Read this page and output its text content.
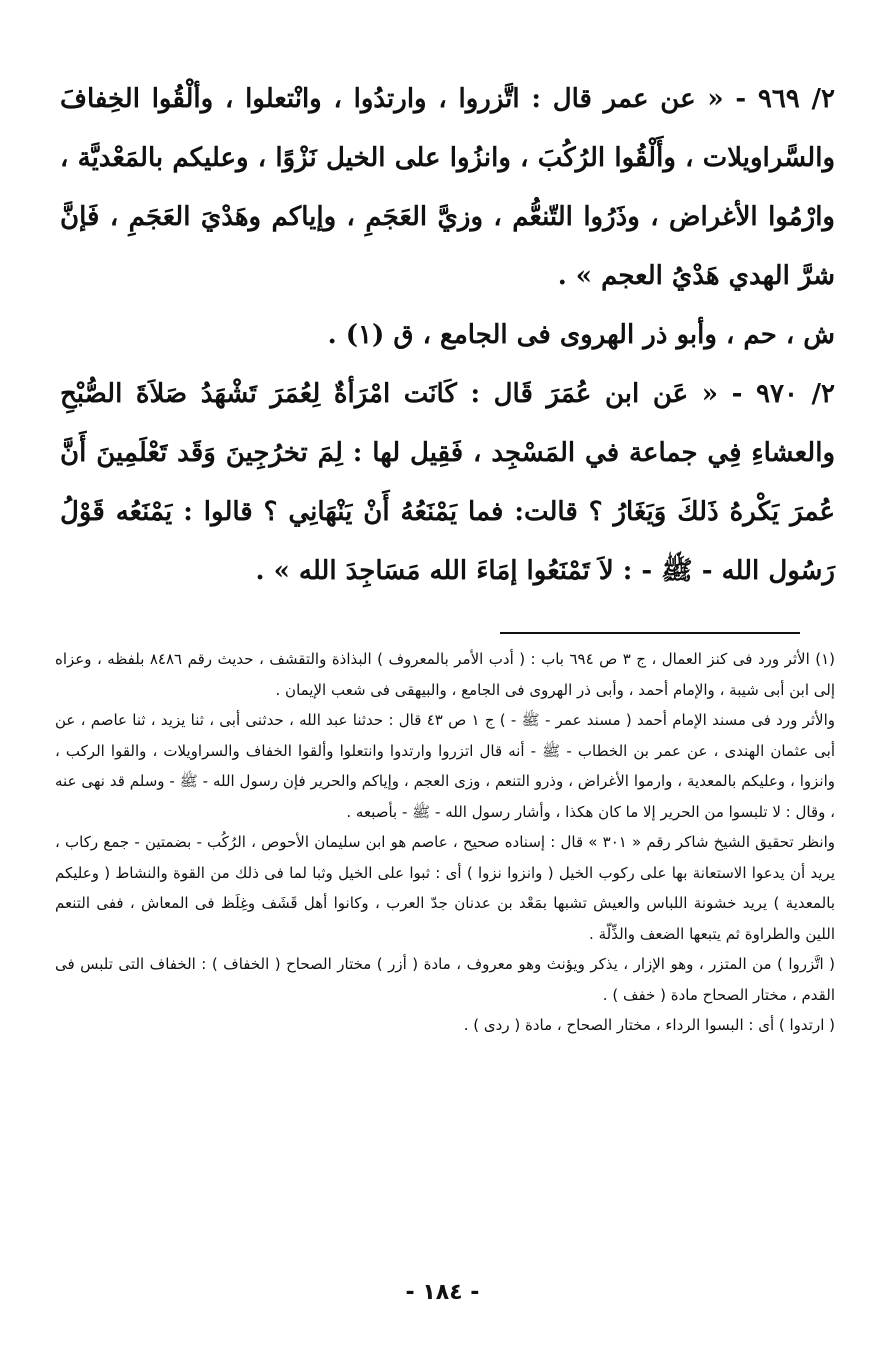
٢/ ٩٦٩ - « عن عمر قال : اتَّزروا ، وارتدُوا ، وانْتعلوا ، وألْقُوا الخِفافَ والسَّراويلات ، وأَلْقُوا الرُكُبَ ، وانزُوا على الخيل نَزْوًا ، وعليكم بالمَعْديَّة ، وارْمُوا الأغراض ، وذَرُوا التّنعُّم ، وزيَّ العَجَمِ ، وإياكم وهَدْيَ العَجَمِ ، فَإنَّ شرَّ الهدي هَدْيُ العجم » .

ش ، حم ، وأبو ذر الهروى فى الجامع ، ق (١) .

٢/ ٩٧٠ - « عَن ابن عُمَرَ قَال : كَانَت امْرَأةٌ لِعُمَرَ تَشْهَدُ صَلاَةَ الصُّبْحِ والعشاءِ فِي جماعة في المَسْجِد ، فَقِيل لها : لِمَ تخرُجِينَ وَقَد تَعْلَمِينَ أَنَّ عُمرَ يَكْرهُ ذَلكَ وَيَغَارُ ؟ قالت: فما يَمْنَعُهُ أَنْ يَنْهَانِي ؟ قالوا : يَمْنَعُه قَوْلُ رَسُول الله - ﷺ - : لاَ تَمْنَعُوا إمَاءَ الله مَسَاجِدَ الله » .

(١) الأثر ورد فى كنز العمال ، ج ٣ ص ٦٩٤ باب : ( أدب الأمر بالمعروف ) البذاذة والتقشف ، حديث رقم ٨٤٨٦ بلفظه ، وعزاه إلى ابن أبى شيبة ، والإمام أحمد ، وأبى ذر الهروى فى الجامع ، والبيهقى فى شعب الإيمان .

والأثر ورد فى مسند الإمام أحمد ( مسند عمر - ﷺ - ) ج ١ ص ٤٣ قال : حدثنا عبد الله ، حدثنى أبى ، ثنا يزيد ، ثنا عاصم ، عن أبى عثمان الهندى ، عن عمر بن الخطاب - ﷺ - أنه قال اتزروا وارتدوا وانتعلوا وألقوا الخفاف والسراويلات ، والقوا الركب ، وانزوا ، وعليكم بالمعدية ، وارموا الأغراض ، وذرو التنعم ، وزى العجم ، وإياكم والحرير فإن رسول الله - ﷺ - وسلم قد نهى عنه ، وقال : لا تلبسوا من الحرير إلا ما كان هكذا ، وأشار رسول الله - ﷺ - بأصبعه .

وانظر تحقيق الشيخ شاكر رقم « ٣٠١ » قال : إسناده صحيح ، عاصم هو ابن سليمان الأحوص ، الرُكُب - بضمتين - جمع ركاب ، يريد أن يدعوا الاستعانة بها على ركوب الخيل ( وانزوا نزوا ) أى : ثبوا على الخيل وثبا لما فى ذلك من القوة والنشاط ( وعليكم بالمعدية ) يريد خشونة اللباس والعيش تشبها بمَعْد بن عدنان جدّ العرب ، وكانوا أهل قَشَف وغِلَظ فى المعاش ، ففى التنعم اللين والطراوة ثم يتبعها الضعف والذِّلّة .

( اتَّزروا ) من المتزر ، وهو الإزار ، يذكر ويؤنث وهو معروف ، مادة ( أزر ) مختار الصحاح ( الخفاف ) : الخفاف التى تلبس فى القدم ، مختار الصحاح مادة ( خفف ) .

( ارتدوا ) أى : البسوا الرداء ، مختار الصحاح ، مادة ( ردى ) .

- ١٨٤ -
